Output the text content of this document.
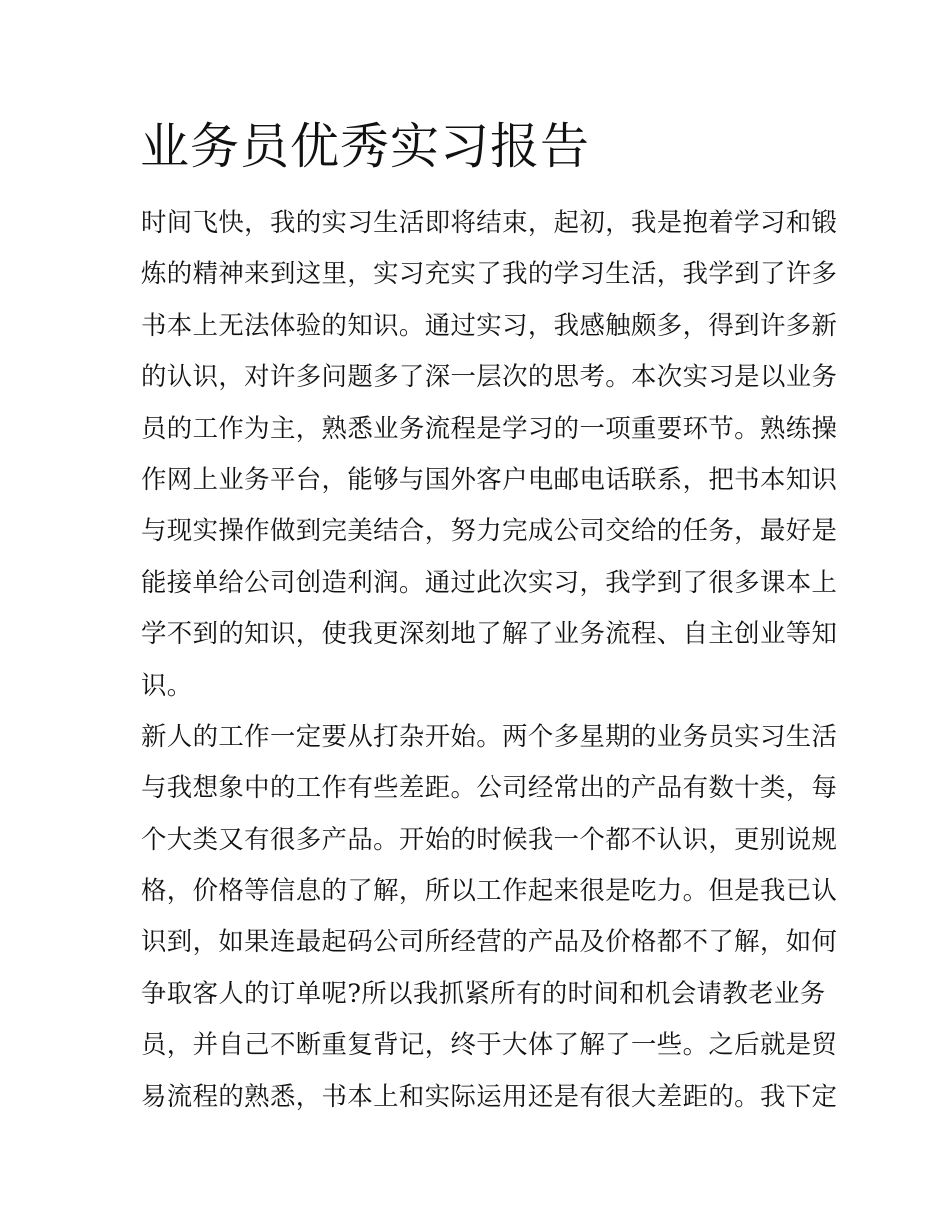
业务员优秀实习报告
时间飞快，我的实习生活即将结束，起初，我是抱着学习和锻
炼的精神来到这里，实习充实了我的学习生活，我学到了许多
书本上无法体验的知识。通过实习，我感触颇多，得到许多新
的认识，对许多问题多了深一层次的思考。本次实习是以业务
员的工作为主，熟悉业务流程是学习的一项重要环节。熟练操
作网上业务平台，能够与国外客户电邮电话联系，把书本知识
与现实操作做到完美结合，努力完成公司交给的任务，最好是
能接单给公司创造利润。通过此次实习，我学到了很多课本上
学不到的知识，使我更深刻地了解了业务流程、自主创业等知
识。
新人的工作一定要从打杂开始。两个多星期的业务员实习生活
与我想象中的工作有些差距。公司经常出的产品有数十类，每
个大类又有很多产品。开始的时候我一个都不认识，更别说规
格，价格等信息的了解，所以工作起来很是吃力。但是我已认
识到，如果连最起码公司所经营的产品及价格都不了解，如何
争取客人的订单呢?所以我抓紧所有的时间和机会请教老业务
员，并自己不断重复背记，终于大体了解了一些。之后就是贸
易流程的熟悉，书本上和实际运用还是有很大差距的。我下定
